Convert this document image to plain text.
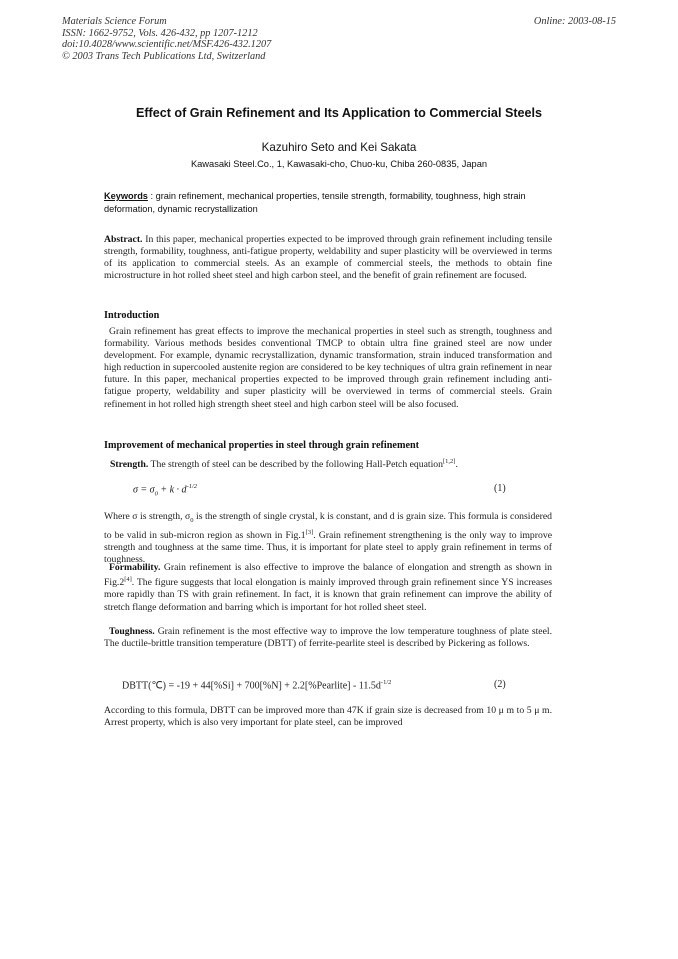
Materials Science Forum
ISSN: 1662-9752, Vols. 426-432, pp 1207-1212
doi:10.4028/www.scientific.net/MSF.426-432.1207
© 2003 Trans Tech Publications Ltd, Switzerland
Online: 2003-08-15
Effect of Grain Refinement and Its Application to Commercial Steels
Kazuhiro Seto and Kei Sakata
Kawasaki Steel.Co., 1, Kawasaki-cho, Chuo-ku, Chiba 260-0835, Japan
Keywords : grain refinement, mechanical properties, tensile strength, formability, toughness, high strain deformation, dynamic recrystallization
Abstract. In this paper, mechanical properties expected to be improved through grain refinement including tensile strength, formability, toughness, anti-fatigue property, weldability and super plasticity will be overviewed in terms of its application to commercial steels. As an example of commercial steels, the methods to obtain fine microstructure in hot rolled sheet steel and high carbon steel, and the benefit of grain refinement are focused.
Introduction
Grain refinement has great effects to improve the mechanical properties in steel such as strength, toughness and formability. Various methods besides conventional TMCP to obtain ultra fine grained steel are now under development. For example, dynamic recrystallization, dynamic transformation, strain induced transformation and high reduction in supercooled austenite region are considered to be key techniques of ultra grain refinement in near future. In this paper, mechanical properties expected to be improved through grain refinement including anti-fatigue property, weldability and super plasticity will be overviewed in terms of commercial steels. Grain refinement in hot rolled high strength sheet steel and high carbon steel will be also focused.
Improvement of mechanical properties in steel through grain refinement
Strength. The strength of steel can be described by the following Hall-Petch equation[1,2].
$\sigma = \sigma_0 + k \cdot d^{-1/2}$	(1)
Where σ is strength, $\sigma_0$ is the strength of single crystal, k is constant, and d is grain size. This formula is considered to be valid in sub-micron region as shown in Fig.1[3]. Grain refinement strengthening is the only way to improve strength and toughness at the same time. Thus, it is important for plate steel to apply grain refinement in terms of toughness.
Formability. Grain refinement is also effective to improve the balance of elongation and strength as shown in Fig.2[4]. The figure suggests that local elongation is mainly improved through grain refinement since YS increases more rapidly than TS with grain refinement. In fact, it is known that grain refinement can improve the ability of stretch flange deformation and barring which is important for hot rolled sheet steel.
Toughness. Grain refinement is the most effective way to improve the low temperature toughness of plate steel. The ductile-brittle transition temperature (DBTT) of ferrite-pearlite steel is described by Pickering as follows.
DBTT(℃) = -19 + 44[%Si] + 700[%N] + 2.2[%Pearlite] - $11.5d^{-1/2}$	(2)
According to this formula, DBTT can be improved more than 47K if grain size is decreased from 10 μ m to 5 μ m. Arrest property, which is also very important for plate steel, can be improved
